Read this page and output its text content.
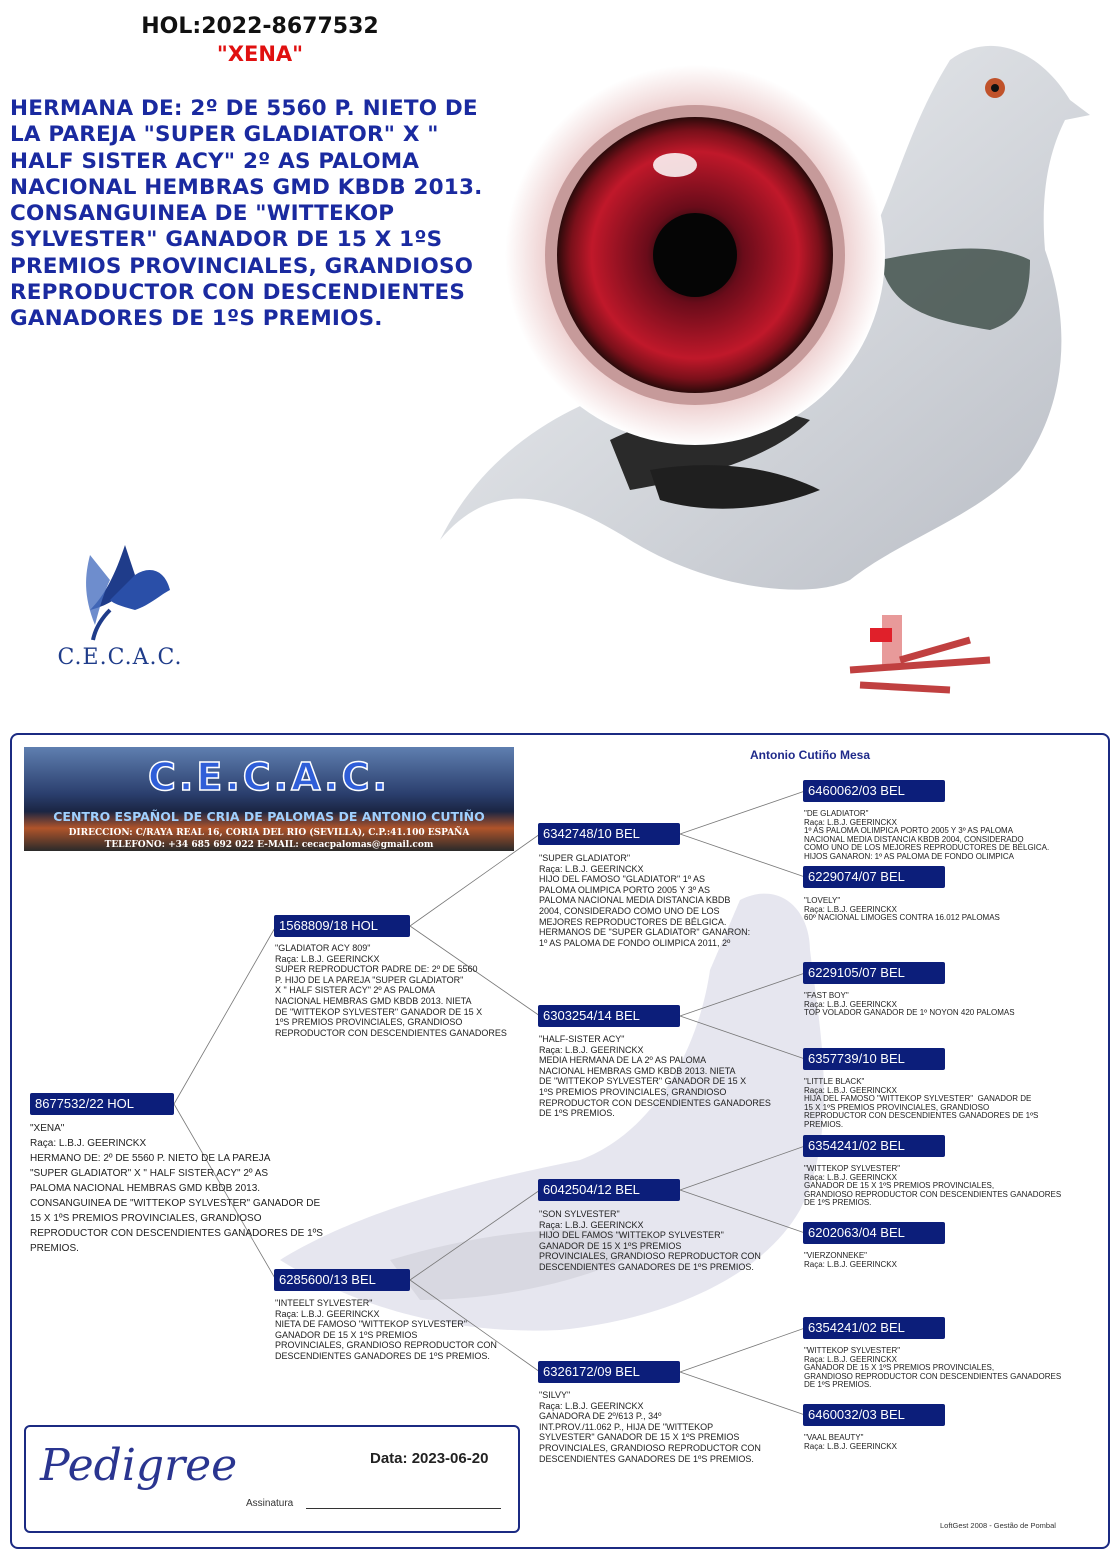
HOL:2022-8677532
"XENA"
HERMANA DE: 2º DE 5560 P. NIETO DE LA PAREJA "SUPER GLADIATOR" X " HALF SISTER ACY" 2º AS PALOMA NACIONAL HEMBRAS GMD KBDB 2013. CONSANGUINEA DE "WITTEKOP SYLVESTER" GANADOR DE 15 X 1ºS PREMIOS PROVINCIALES, GRANDIOSO REPRODUCTOR CON DESCENDIENTES GANADORES DE 1ºS PREMIOS.
C.E.C.A.C.
C.E.C.A.C.
CENTRO ESPAÑOL DE CRIA DE PALOMAS DE ANTONIO CUTIÑO
DIRECCION: C/RAYA REAL 16, CORIA DEL RIO (SEVILLA), C.P.:41.100 ESPAÑA
TELEFONO: +34 685 692 022 E-MAIL: cecacpalomas@gmail.com
Antonio Cutiño Mesa
8677532/22 HOL
"XENA"
Raça: L.B.J. GEERINCKX
HERMANO DE: 2º DE 5560 P. NIETO DE LA PAREJA
"SUPER GLADIATOR" X " HALF SISTER ACY" 2º AS
PALOMA NACIONAL HEMBRAS GMD KBDB 2013.
CONSANGUINEA DE "WITTEKOP SYLVESTER" GANADOR DE
15 X 1ºS PREMIOS PROVINCIALES, GRANDIOSO
REPRODUCTOR CON DESCENDIENTES GANADORES DE 1ºS
PREMIOS.
1568809/18 HOL
"GLADIATOR ACY 809"
Raça: L.B.J. GEERINCKX
SUPER REPRODUCTOR PADRE DE: 2º DE 5560
P. HIJO DE LA PAREJA "SUPER GLADIATOR"
X " HALF SISTER ACY" 2º AS PALOMA
NACIONAL HEMBRAS GMD KBDB 2013. NIETA
DE "WITTEKOP SYLVESTER" GANADOR DE 15 X
1ºS PREMIOS PROVINCIALES, GRANDIOSO
REPRODUCTOR CON DESCENDIENTES GANADORES
6285600/13 BEL
"INTEELT SYLVESTER"
Raça: L.B.J. GEERINCKX
NIETA DE FAMOSO "WITTEKOP SYLVESTER"
GANADOR DE 15 X 1ºS PREMIOS
PROVINCIALES, GRANDIOSO REPRODUCTOR CON
DESCENDIENTES GANADORES DE 1ºS PREMIOS.
6342748/10 BEL
"SUPER GLADIATOR"
Raça: L.B.J. GEERINCKX
HIJO DEL FAMOSO "GLADIATOR" 1º AS
PALOMA OLIMPICA PORTO 2005 Y 3º AS
PALOMA NACIONAL MEDIA DISTANCIA KBDB
2004, CONSIDERADO COMO UNO DE LOS
MEJORES REPRODUCTORES DE BÉLGICA.
HERMANOS DE "SUPER GLADIATOR" GANARON:
1º AS PALOMA DE FONDO OLIMPICA 2011, 2º
6303254/14 BEL
"HALF-SISTER ACY"
Raça: L.B.J. GEERINCKX
MEDIA HERMANA DE LA 2º AS PALOMA
NACIONAL HEMBRAS GMD KBDB 2013. NIETA
DE "WITTEKOP SYLVESTER" GANADOR DE 15 X
1ºS PREMIOS PROVINCIALES, GRANDIOSO
REPRODUCTOR CON DESCENDIENTES GANADORES
DE 1ºS PREMIOS.
6042504/12 BEL
"SON SYLVESTER"
Raça: L.B.J. GEERINCKX
HIJO DEL FAMOS "WITTEKOP SYLVESTER"
GANADOR DE 15 X 1ºS PREMIOS
PROVINCIALES, GRANDIOSO REPRODUCTOR CON
DESCENDIENTES GANADORES DE 1ºS PREMIOS.
6326172/09 BEL
"SILVY"
Raça: L.B.J. GEERINCKX
GANADORA DE 2º/613 P., 34º
INT.PROV./11.062 P., HIJA DE "WITTEKOP
SYLVESTER" GANADOR DE 15 X 1ºS PREMIOS
PROVINCIALES, GRANDIOSO REPRODUCTOR CON
DESCENDIENTES GANADORES DE 1ºS PREMIOS.
6460062/03 BEL
"DE GLADIATOR"
Raça: L.B.J. GEERINCKX
1º AS PALOMA OLIMPICA PORTO 2005 Y 3º AS PALOMA
NACIONAL MEDIA DISTANCIA KBDB 2004, CONSIDERADO
COMO UNO DE LOS MEJORES REPRODUCTORES DE BÉLGICA.
HIJOS GANARON: 1º AS PALOMA DE FONDO OLIMPICA
6229074/07 BEL
"LOVELY"
Raça: L.B.J. GEERINCKX
60º NACIONAL LIMOGES CONTRA 16.012 PALOMAS
6229105/07 BEL
"FAST BOY"
Raça: L.B.J. GEERINCKX
TOP VOLADOR GANADOR DE 1º NOYON 420 PALOMAS
6357739/10 BEL
"LITTLE BLACK"
Raça: L.B.J. GEERINCKX
HIJA DEL FAMOSO "WITTEKOP SYLVESTER"  GANADOR DE
15 X 1ºS PREMIOS PROVINCIALES, GRANDIOSO
REPRODUCTOR CON DESCENDIENTES GANADORES DE 1ºS
PREMIOS.
6354241/02 BEL
"WITTEKOP SYLVESTER"
Raça: L.B.J. GEERINCKX
GANADOR DE 15 X 1ºS PREMIOS PROVINCIALES,
GRANDIOSO REPRODUCTOR CON DESCENDIENTES GANADORES
DE 1ºS PREMIOS.
6202063/04 BEL
"VIERZONNEKE"
Raça: L.B.J. GEERINCKX
6354241/02 BEL
"WITTEKOP SYLVESTER"
Raça: L.B.J. GEERINCKX
GANADOR DE 15 X 1ºS PREMIOS PROVINCIALES,
GRANDIOSO REPRODUCTOR CON DESCENDIENTES GANADORES
DE 1ºS PREMIOS.
6460032/03 BEL
"VAAL BEAUTY"
Raça: L.B.J. GEERINCKX
Pedigree	Data: 2023-06-20
Assinatura
LoftGest 2008 - Gestão de Pombal
